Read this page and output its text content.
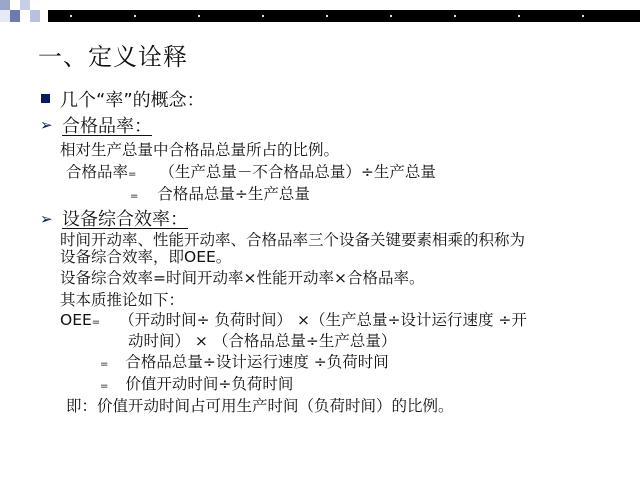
一、定义诠释
几个“率”的概念：
➢ 合格品率：
相对生产总量中合格品总量所占的比例。
合格品率= （生产总量－不合格品总量）÷生产总量
= 合格品总量÷生产总量
➢ 设备综合效率：
时间开动率、性能开动率、合格品率三个设备关键要素相乘的积称为
设备综合效率，即OEE。
设备综合效率=时间开动率×性能开动率×合格品率。
其本质推论如下：
OEE= （开动时间÷ 负荷时间） ×（生产总量÷设计运行速度 ÷开
动时间） × （合格品总量÷生产总量）
= 合格品总量÷设计运行速度 ÷负荷时间
= 价值开动时间÷负荷时间
即：价值开动时间占可用生产时间（负荷时间）的比例。
